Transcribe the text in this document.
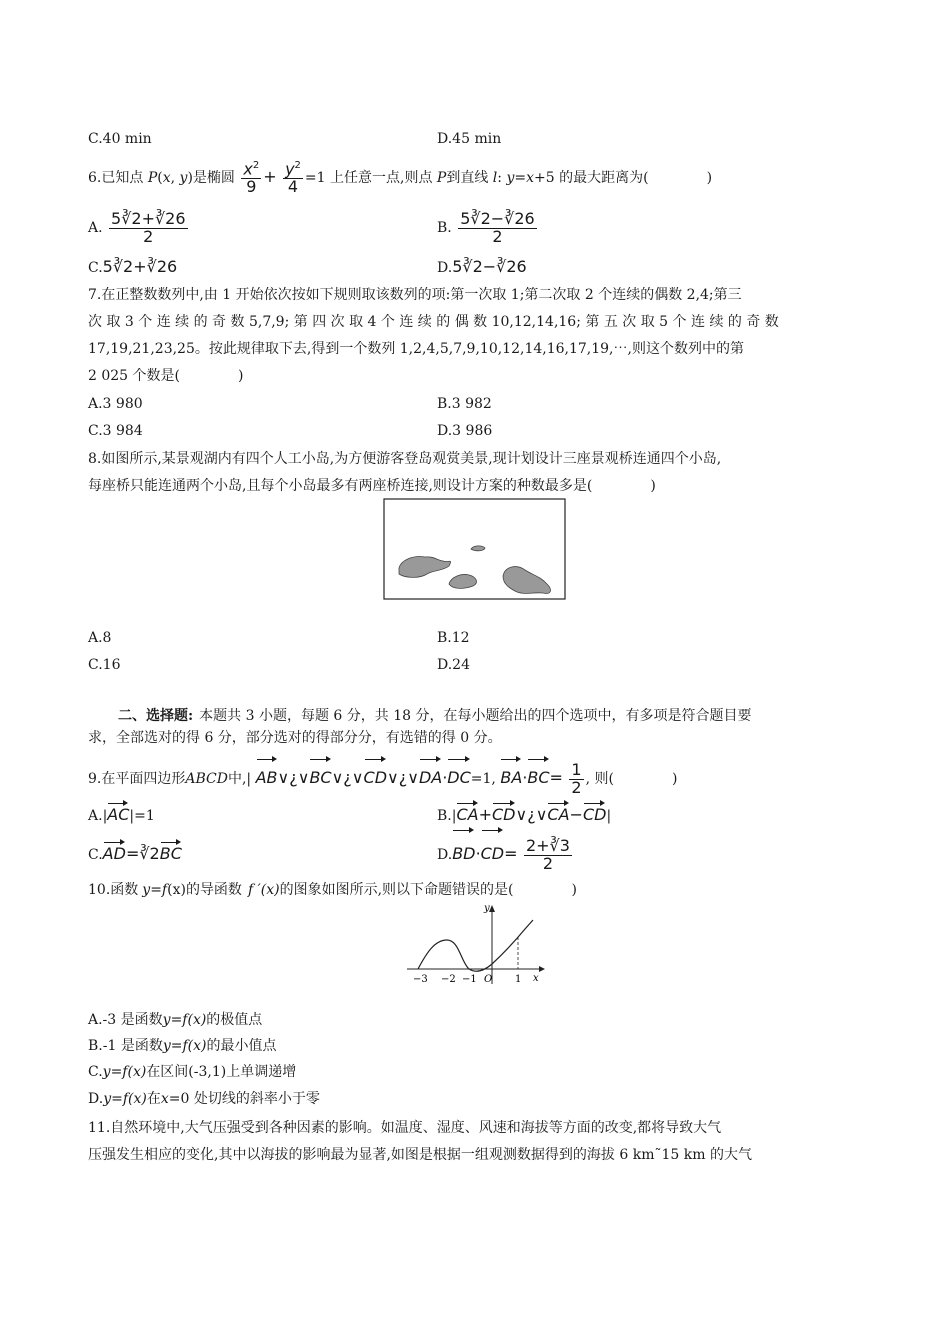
C.40 min	D.45 min
6.已知点 P(x, y)是椭圆 $\frac{x^2}{9} + \frac{y^2}{4} =1$ 上任意一点,则点 P到直线 l: y=x+5 的最大距离为(	)
A. $\frac{5∛2+∛26}{2}$	B. $\frac{5∛2-∛26}{2}$
C.5∛2+∛26	D.5∛2−∛26
7.在正整数数列中,由 1 开始依次按如下规则取该数列的项:第一次取 1;第二次取 2 个连续的偶数 2,4;第三
次 取 3 个 连 续 的 奇 数 5,7,9; 第 四 次 取 4 个 连 续 的 偶 数 10,12,14,16; 第 五 次 取 5 个 连 续 的 奇 数
17,19,21,23,25。按此规律取下去,得到一个数列 1,2,4,5,7,9,10,12,14,16,17,19,⋯,则这个数列中的第
2 025 个数是(	)
A.3 980	B.3 982
C.3 984	D.3 986
8.如图所示,某景观湖内有四个人工小岛,为方便游客登岛观赏美景,现计划设计三座景观桥连通四个小岛,
每座桥只能连通两个小岛,且每个小岛最多有两座桥连接,则设计方案的种数最多是(	)
A.8	B.12
C.16	D.24
二、选择题: 本题共 3 小题，每题 6 分，共 18 分，在每小题给出的四个选项中，有多项是符合题目要
求，全部选对的得 6 分，部分选对的得部分分，有选错的得 0 分。
9.在平面四边形ABCD中,| AB∨¿∨BC∨¿∨CD∨¿∨DA⋅DC=1, $BA\cdot BC= \frac{1}{2}$ , 则(	)
A.|AC|=1	B.|CA+CD∨¿∨CA−CD|
C.AD=∛2BC	$D.BD\cdot CD= \frac{2+∛3}{2}$
10.函数 y=f(x)的导函数 f ′(x)的图象如图所示,则以下命题错误的是(	)
y
x
−3 −2 −1 O 1
A.-3 是函数y=f(x)的极值点
B.-1 是函数y=f(x)的最小值点
C.y=f(x)在区间(-3,1)上单调递增
D.y=f(x)在x=0 处切线的斜率小于零
11.自然环境中,大气压强受到各种因素的影响。如温度、湿度、风速和海拔等方面的改变,都将导致大气
压强发生相应的变化,其中以海拔的影响最为显著,如图是根据一组观测数据得到的海拔 6 km˜15 km 的大气
